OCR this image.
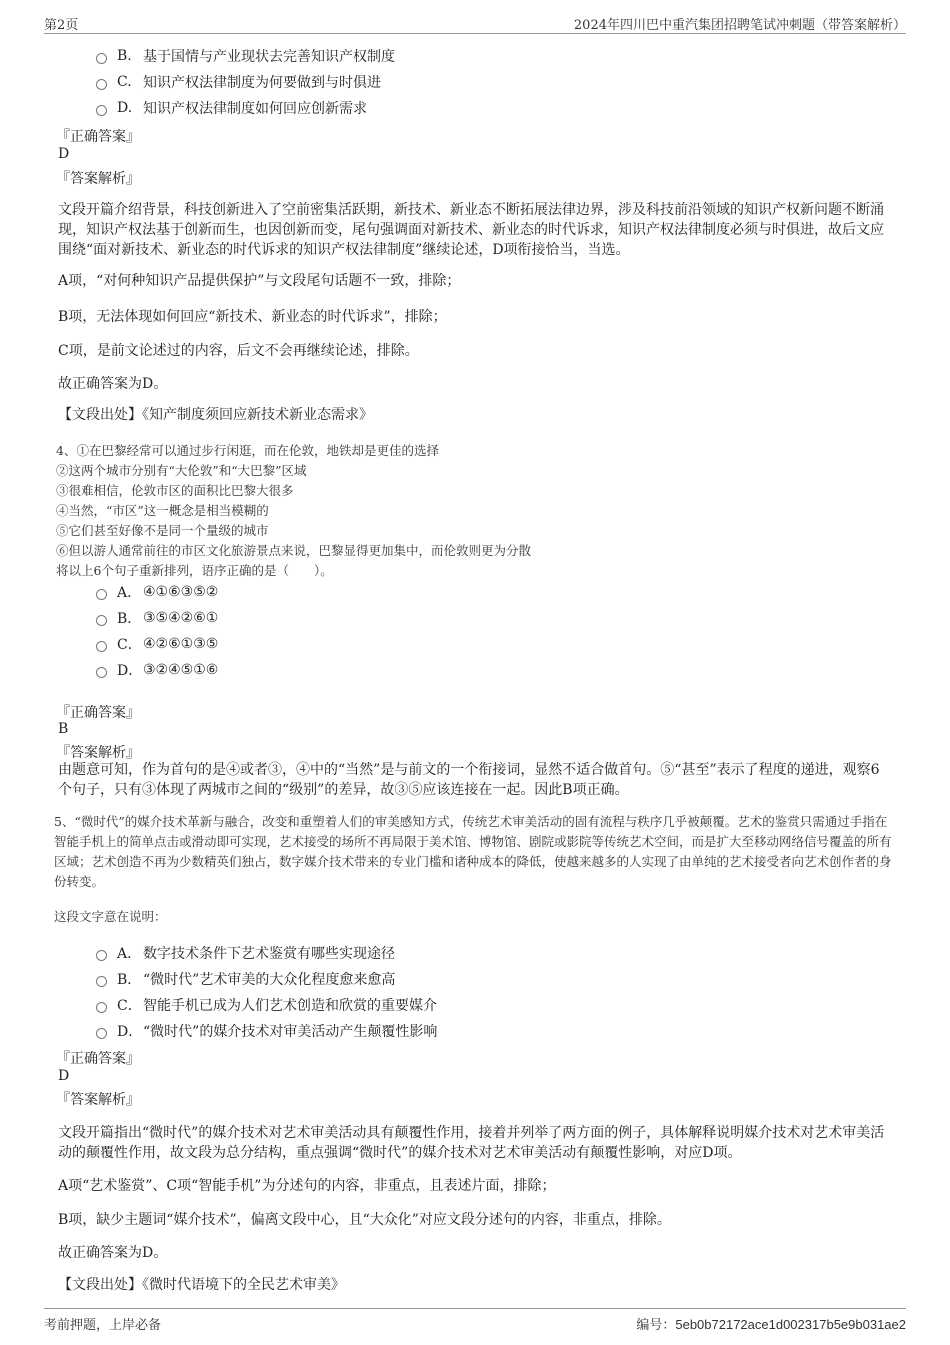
第2页	2024年四川巴中重汽集团招聘笔试冲刺题（带答案解析）
B. 基于国情与产业现状去完善知识产权制度
C. 知识产权法律制度为何要做到与时俱进
D. 知识产权法律制度如何回应创新需求
『正确答案』
D
『答案解析』
文段开篇介绍背景，科技创新进入了空前密集活跃期，新技术、新业态不断拓展法律边界，涉及科技前沿领域的知识产权新问题不断涌现，知识产权法基于创新而生，也因创新而变，尾句强调面对新技术、新业态的时代诉求，知识产权法律制度必须与时俱进，故后文应围绕“面对新技术、新业态的时代诉求的知识产权法律制度”继续论述，D项衔接恰当，当选。
A项，“对何种知识产品提供保护”与文段尾句话题不一致，排除；
B项，无法体现如何回应“新技术、新业态的时代诉求”，排除；
C项，是前文论述过的内容，后文不会再继续论述，排除。
故正确答案为D。
【文段出处】《知产制度须回应新技术新业态需求》
4、①在巴黎经常可以通过步行闲逛，而在伦敦，地铁却是更佳的选择
②这两个城市分别有“大伦敦”和“大巴黎”区域
③很难相信，伦敦市区的面积比巴黎大很多
④当然，“市区”这一概念是相当模糊的
⑤它们甚至好像不是同一个量级的城市
⑥但以游人通常前往的市区文化旅游景点来说，巴黎显得更加集中，而伦敦则更为分散
将以上6个句子重新排列，语序正确的是（　　）。
A． ④①⑥③⑤②
B． ③⑤④②⑥①
C． ④②⑥①③⑤
D． ③②④⑤①⑥
『正确答案』
B
『答案解析』
由题意可知，作为首句的是④或者③，④中的“当然”是与前文的一个衔接词，显然不适合做首句。⑤“甚至”表示了程度的递进，观察6个句子，只有③体现了两城市之间的“级别”的差异，故③⑤应该连接在一起。因此B项正确。
5、“微时代”的媒介技术革新与融合，改变和重塑着人们的审美感知方式，传统艺术审美活动的固有流程与秩序几乎被颠覆。艺术的鉴赏只需通过手指在智能手机上的简单点击或滑动即可实现，艺术接受的场所不再局限于美术馆、博物馆、剧院或影院等传统艺术空间，而是扩大至移动网络信号覆盖的所有区域；艺术创造不再为少数精英们独占，数字媒介技术带来的专业门槛和诸种成本的降低，使越来越多的人实现了由单纯的艺术接受者向艺术创作者的身份转变。
这段文字意在说明：
A． 数字技术条件下艺术鉴赏有哪些实现途径
B． “微时代”艺术审美的大众化程度愈来愈高
C． 智能手机已成为人们艺术创造和欣赏的重要媒介
D． “微时代”的媒介技术对审美活动产生颠覆性影响
『正确答案』
D
『答案解析』
文段开篇指出“微时代”的媒介技术对艺术审美活动具有颠覆性作用，接着并列举了两方面的例子，具体解释说明媒介技术对艺术审美活动的颠覆性作用，故文段为总分结构，重点强调“微时代”的媒介技术对艺术审美活动有颠覆性影响，对应D项。
A项“艺术鉴赏”、C项“智能手机”为分述句的内容，非重点，且表述片面，排除；
B项，缺少主题词“媒介技术”，偏离文段中心，且“大众化”对应文段分述句的内容，非重点，排除。
故正确答案为D。
【文段出处】《微时代语境下的全民艺术审美》
考前押题，上岸必备	编号：5eb0b72172ace1d002317b5e9b031ae2
